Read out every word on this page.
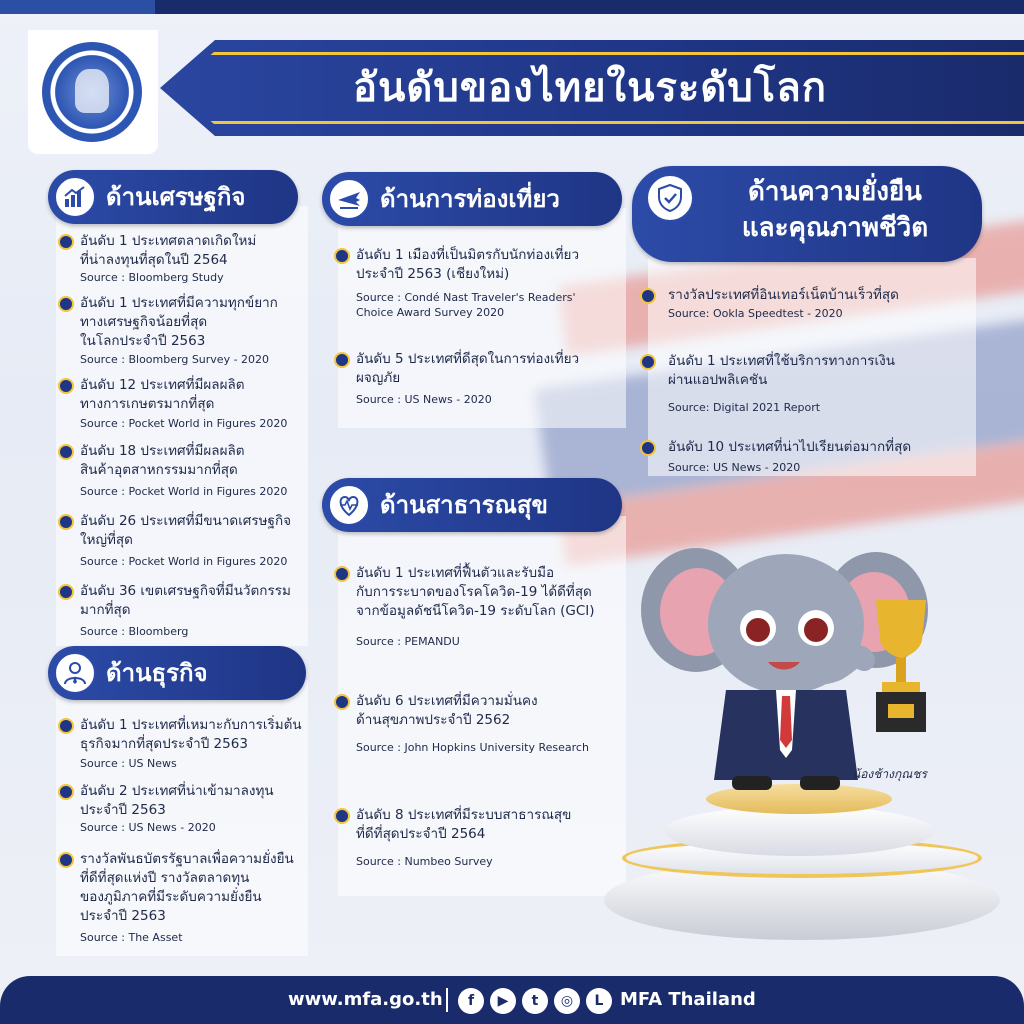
อันดับของไทยในระดับโลก
ด้านเศรษฐกิจ
อันดับ 1 ประเทศตลาดเกิดใหม่
ที่น่าลงทุนที่สุดในปี 2564
Source : Bloomberg Study
อันดับ 1 ประเทศที่มีความทุกข์ยาก
ทางเศรษฐกิจน้อยที่สุด
ในโลกประจำปี 2563
Source : Bloomberg Survey - 2020
อันดับ 12 ประเทศที่มีผลผลิต
ทางการเกษตรมากที่สุด
Source : Pocket World in Figures 2020
อันดับ 18 ประเทศที่มีผลผลิต
สินค้าอุตสาหกรรมมากที่สุด
Source : Pocket World in Figures 2020
อันดับ 26 ประเทศที่มีขนาดเศรษฐกิจ
ใหญ่ที่สุด
Source : Pocket World in Figures 2020
อันดับ 36 เขตเศรษฐกิจที่มีนวัตกรรม
มากที่สุด
Source : Bloomberg
ด้านธุรกิจ
อันดับ 1 ประเทศที่เหมาะกับการเริ่มต้น
ธุรกิจมากที่สุดประจำปี 2563
Source : US News
อันดับ 2 ประเทศที่น่าเข้ามาลงทุน
ประจำปี 2563
Source : US News - 2020
รางวัลพันธบัตรรัฐบาลเพื่อความยั่งยืน
ที่ดีที่สุดแห่งปี รางวัลตลาดทุน
ของภูมิภาคที่มีระดับความยั่งยืน
ประจำปี 2563
Source : The Asset
ด้านการท่องเที่ยว
อันดับ 1 เมืองที่เป็นมิตรกับนักท่องเที่ยว
ประจำปี 2563 (เชียงใหม่)
Source : Condé Nast Traveler's Readers'
Choice Award Survey 2020
อันดับ 5 ประเทศที่ดีสุดในการท่องเที่ยว
ผจญภัย
Source : US News - 2020
ด้านสาธารณสุข
อันดับ 1 ประเทศที่ฟื้นตัวและรับมือ
กับการระบาดของโรคโควิด-19 ได้ดีที่สุด
จากข้อมูลดัชนีโควิด-19 ระดับโลก (GCI)
Source : PEMANDU
อันดับ 6 ประเทศที่มีความมั่นคง
ด้านสุขภาพประจำปี 2562
Source : John Hopkins University Research
อันดับ 8 ประเทศที่มีระบบสาธารณสุข
ที่ดีที่สุดประจำปี 2564
Source : Numbeo Survey
ด้านความยั่งยืน
และคุณภาพชีวิต
รางวัลประเทศที่อินเทอร์เน็ตบ้านเร็วที่สุด
Source: Ookla Speedtest - 2020
อันดับ 1 ประเทศที่ใช้บริการทางการเงิน
ผ่านแอปพลิเคชัน
Source: Digital 2021 Report
อันดับ 10 ประเทศที่น่าไปเรียนต่อมากที่สุด
Source: US News - 2020
น้องช้างกุณชร
www.mfa.go.th	f	▶	t	◎	L MFA Thailand
